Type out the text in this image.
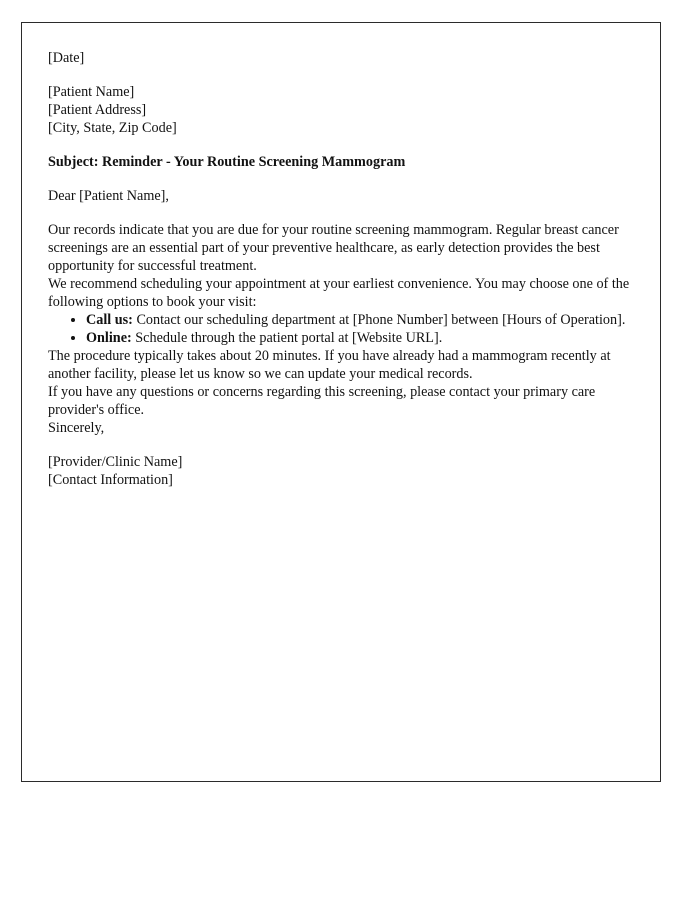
[Date]
[Patient Name]
[Patient Address]
[City, State, Zip Code]
Subject: Reminder - Your Routine Screening Mammogram
Dear [Patient Name],

Our records indicate that you are due for your routine screening mammogram. Regular breast cancer screenings are an essential part of your preventive healthcare, as early detection provides the best opportunity for successful treatment.

We recommend scheduling your appointment at your earliest convenience. You may choose one of the following options to book your visit:

• Call us: Contact our scheduling department at [Phone Number] between [Hours of Operation].
• Online: Schedule through the patient portal at [Website URL].

The procedure typically takes about 20 minutes. If you have already had a mammogram recently at another facility, please let us know so we can update your medical records.

If you have any questions or concerns regarding this screening, please contact your primary care provider's office.

Sincerely,
[Provider/Clinic Name]
[Contact Information]
